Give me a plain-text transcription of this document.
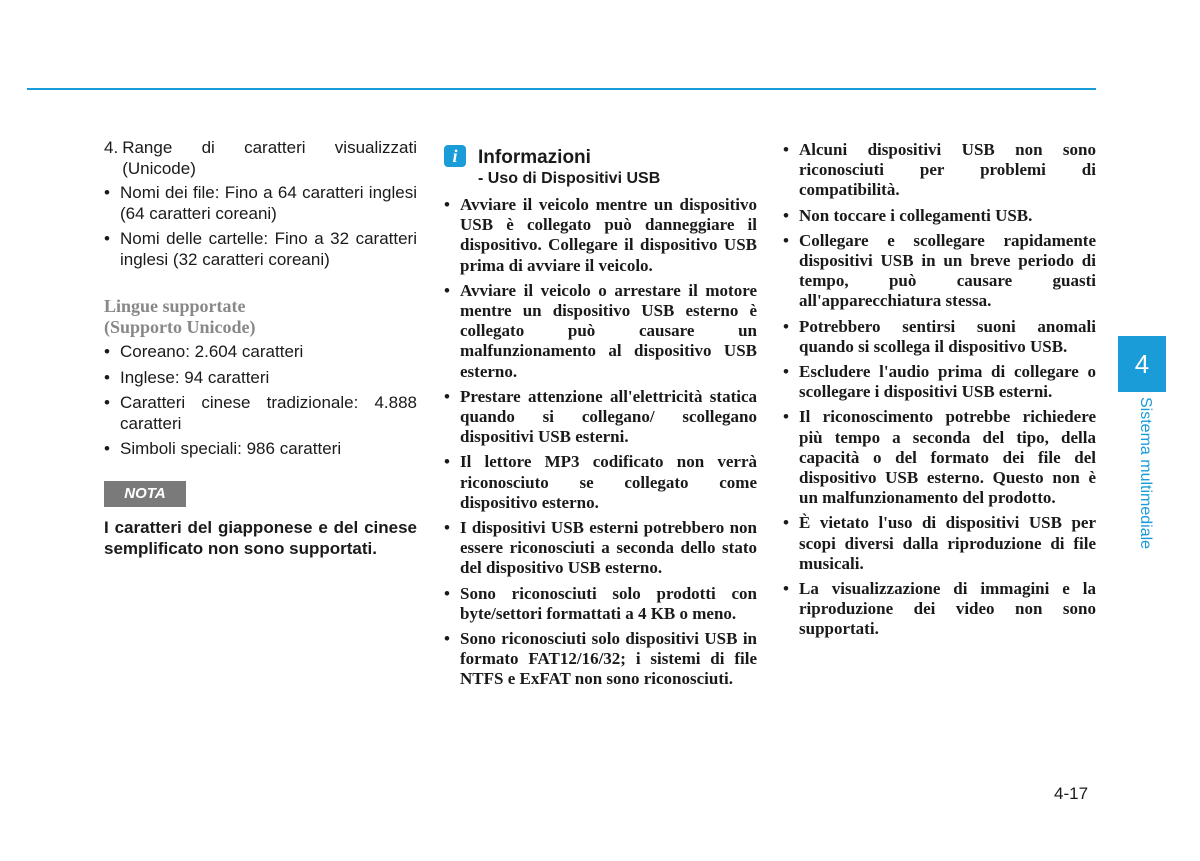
4. Range di caratteri visualizzati (Unicode)
• Nomi dei file: Fino a 64 caratteri inglesi (64 caratteri coreani)
• Nomi delle cartelle: Fino a 32 caratteri inglesi (32 caratteri coreani)
Lingue supportate
(Supporto Unicode)
• Coreano: 2.604 caratteri
• Inglese: 94 caratteri
• Caratteri cinese tradizionale: 4.888 caratteri
• Simboli speciali: 986 caratteri
NOTA
I caratteri del giapponese e del cinese semplificato non sono supportati.
i	Informazioni
- Uso di Dispositivi USB
• Avviare il veicolo mentre un dispositivo USB è collegato può danneggiare il dispositivo. Collegare il dispositivo USB prima di avviare il veicolo.
• Avviare il veicolo o arrestare il motore mentre un dispositivo USB esterno è collegato può causare un malfunzionamento al dispositivo USB esterno.
• Prestare attenzione all'elettricità statica quando si collegano/ scollegano dispositivi USB esterni.
• Il lettore MP3 codificato non verrà riconosciuto se collegato come dispositivo esterno.
• I dispositivi USB esterni potrebbero non essere riconosciuti a seconda dello stato del dispositivo USB esterno.
• Sono riconosciuti solo prodotti con byte/settori formattati a 4 KB o meno.
• Sono riconosciuti solo dispositivi USB in formato FAT12/16/32; i sistemi di file NTFS e ExFAT non sono riconosciuti.
• Alcuni dispositivi USB non sono riconosciuti per problemi di compatibilità.
• Non toccare i collegamenti USB.
• Collegare e scollegare rapidamente dispositivi USB in un breve periodo di tempo, può causare guasti all'apparecchiatura stessa.
• Potrebbero sentirsi suoni anomali quando si scollega il dispositivo USB.
• Escludere l'audio prima di collegare o scollegare i dispositivi USB esterni.
• Il riconoscimento potrebbe richiedere più tempo a seconda del tipo, della capacità o del formato dei file del dispositivo USB esterno. Questo non è un malfunzionamento del prodotto.
• È vietato l'uso di dispositivi USB per scopi diversi dalla riproduzione di file musicali.
• La visualizzazione di immagini e la riproduzione dei video non sono supportati.
4
Sistema multimediale
4-17
